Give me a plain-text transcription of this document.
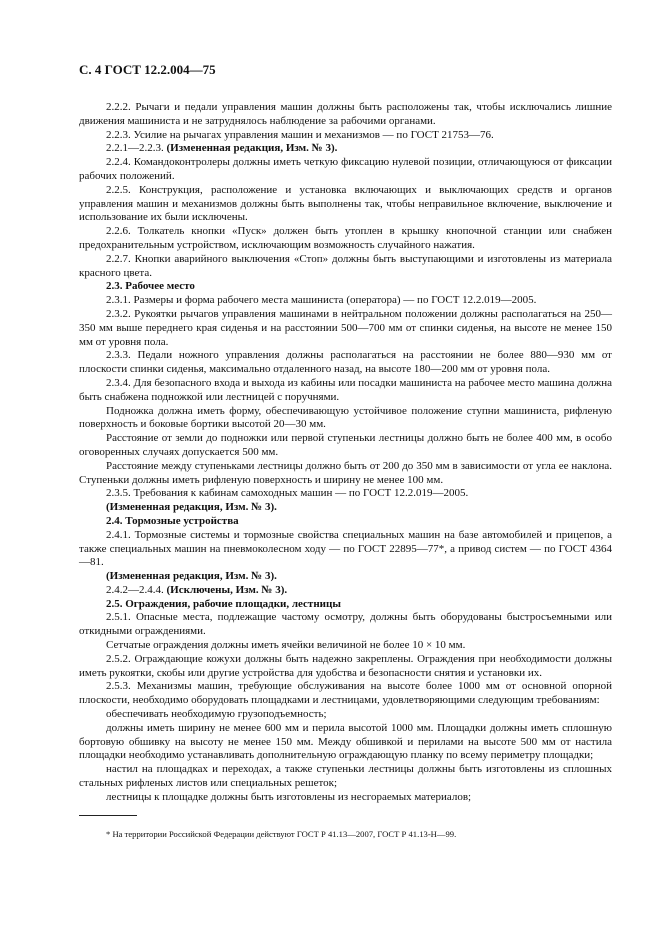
С. 4 ГОСТ 12.2.004—75

2.2.2. Рычаги и педали управления машин должны быть расположены так, чтобы исключались лишние движения машиниста и не затруднялось наблюдение за рабочими органами.

2.2.3. Усилие на рычагах управления машин и механизмов — по ГОСТ 21753—76.

2.2.1—2.2.3. (Измененная редакция, Изм. № 3).

2.2.4. Командоконтролеры должны иметь четкую фиксацию нулевой позиции, отличающуюся от фиксации рабочих положений.

2.2.5. Конструкция, расположение и установка включающих и выключающих средств и органов управления машин и механизмов должны быть выполнены так, чтобы неправильное включение, выключение и использование их были исключены.

2.2.6. Толкатель кнопки «Пуск» должен быть утоплен в крышку кнопочной станции или снабжен предохранительным устройством, исключающим возможность случайного нажатия.

2.2.7. Кнопки аварийного выключения «Стоп» должны быть выступающими и изготовлены из материала красного цвета.

2.3. Рабочее место

2.3.1. Размеры и форма рабочего места машиниста (оператора) — по ГОСТ 12.2.019—2005.

2.3.2. Рукоятки рычагов управления машинами в нейтральном положении должны располагаться на 250—350 мм выше переднего края сиденья и на расстоянии 500—700 мм от спинки сиденья, на высоте не менее 150 мм от уровня пола.

2.3.3. Педали ножного управления должны располагаться на расстоянии не более 880—930 мм от плоскости спинки сиденья, максимально отдаленного назад, на высоте 180—200 мм от уровня пола.

2.3.4. Для безопасного входа и выхода из кабины или посадки машиниста на рабочее место машина должна быть снабжена подножкой или лестницей с поручнями.

Подножка должна иметь форму, обеспечивающую устойчивое положение ступни машиниста, рифленую поверхность и боковые бортики высотой 20—30 мм.

Расстояние от земли до подножки или первой ступеньки лестницы должно быть не более 400 мм, в особо оговоренных случаях допускается 500 мм.

Расстояние между ступеньками лестницы должно быть от 200 до 350 мм в зависимости от угла ее наклона. Ступеньки должны иметь рифленую поверхность и ширину не менее 100 мм.

2.3.5. Требования к кабинам самоходных машин — по ГОСТ 12.2.019—2005.

(Измененная редакция, Изм. № 3).

2.4. Тормозные устройства

2.4.1. Тормозные системы и тормозные свойства специальных машин на базе автомобилей и прицепов, а также специальных машин на пневмоколесном ходу — по ГОСТ 22895—77*, а привод систем — по ГОСТ 4364—81.

(Измененная редакция, Изм. № 3).

2.4.2—2.4.4. (Исключены, Изм. № 3).

2.5. Ограждения, рабочие площадки, лестницы

2.5.1. Опасные места, подлежащие частому осмотру, должны быть оборудованы быстросъемными или откидными ограждениями.

Сетчатые ограждения должны иметь ячейки величиной не более 10 × 10 мм.

2.5.2. Ограждающие кожухи должны быть надежно закреплены. Ограждения при необходимости должны иметь рукоятки, скобы или другие устройства для удобства и безопасности снятия и установки их.

2.5.3. Механизмы машин, требующие обслуживания на высоте более 1000 мм от основной опорной плоскости, необходимо оборудовать площадками и лестницами, удовлетворяющими следующим требованиям:

обеспечивать необходимую грузоподъемность;

должны иметь ширину не менее 600 мм и перила высотой 1000 мм. Площадки должны иметь сплошную бортовую обшивку на высоту не менее 150 мм. Между обшивкой и перилами на высоте 500 мм от настила площадки необходимо устанавливать дополнительную ограждающую планку по всему периметру площадки;

настил на площадках и переходах, а также ступеньки лестницы должны быть изготовлены из сплошных стальных рифленых листов или специальных решеток;

лестницы к площадке должны быть изготовлены из несгораемых материалов;

* На территории Российской Федерации действуют ГОСТ Р 41.13—2007, ГОСТ Р 41.13-Н—99.
